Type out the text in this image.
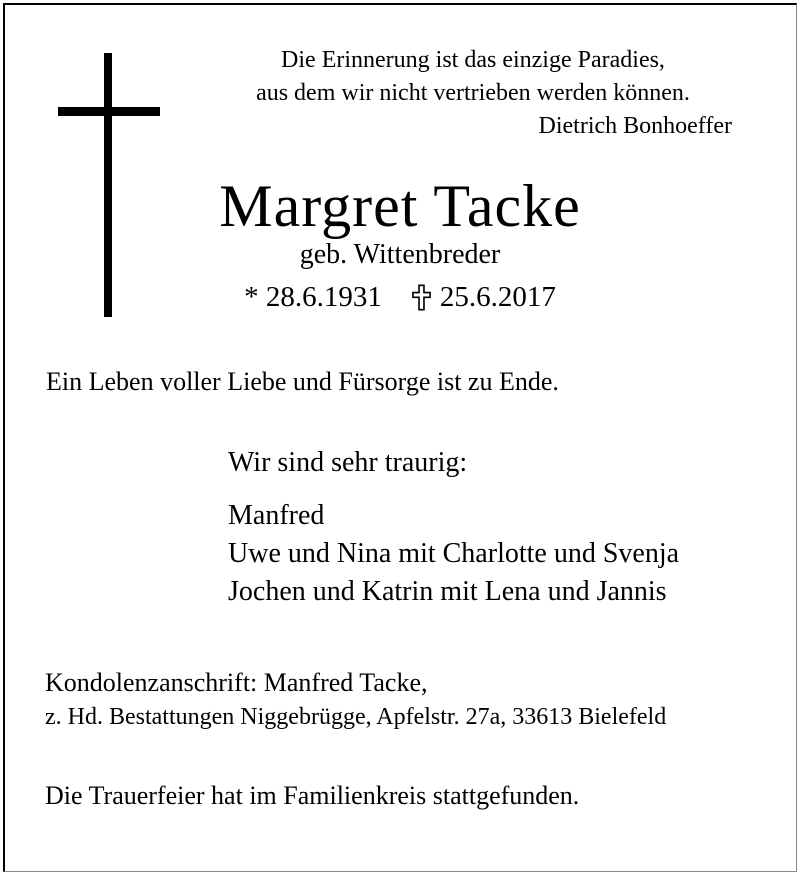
Die Erinnerung ist das einzige Paradies,
aus dem wir nicht vertrieben werden können.
Dietrich Bonhoeffer
Margret Tacke
geb. Wittenbreder
* 28.6.1931 25.6.2017
Ein Leben voller Liebe und Fürsorge ist zu Ende.
Wir sind sehr traurig:
Manfred
Uwe und Nina mit Charlotte und Svenja
Jochen und Katrin mit Lena und Jannis
Kondolenzanschrift: Manfred Tacke,
z. Hd. Bestattungen Niggebrügge, Apfelstr. 27a, 33613 Bielefeld
Die Trauerfeier hat im Familienkreis stattgefunden.
